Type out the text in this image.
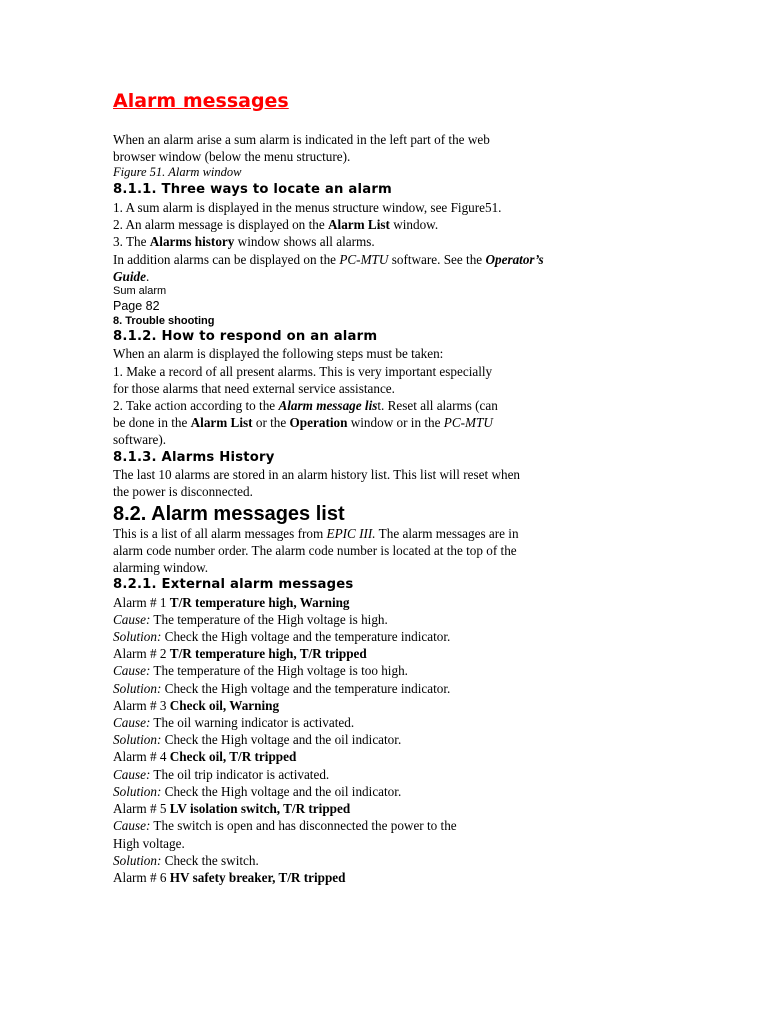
Alarm messages
When an alarm arise a sum alarm is indicated in the left part of the web
browser window (below the menu structure).
Figure 51. Alarm window
8.1.1. Three ways to locate an alarm
1. A sum alarm is displayed in the menus structure window, see Figure51.
2. An alarm message is displayed on the Alarm List window.
3. The Alarms history window shows all alarms.
In addition alarms can be displayed on the PC-MTU software. See the Operator’s
Guide.
Sum alarm
Page 82
8. Trouble shooting
8.1.2. How to respond on an alarm
When an alarm is displayed the following steps must be taken:
1. Make a record of all present alarms. This is very important especially
for those alarms that need external service assistance.
2. Take action according to the Alarm message list. Reset all alarms (can
be done in the Alarm List or the Operation window or in the PC-MTU
software).
8.1.3. Alarms History
The last 10 alarms are stored in an alarm history list. This list will reset when
the power is disconnected.
8.2. Alarm messages list
This is a list of all alarm messages from EPIC III. The alarm messages are in
alarm code number order. The alarm code number is located at the top of the
alarming window.
8.2.1. External alarm messages
Alarm # 1 T/R temperature high, Warning
Cause: The temperature of the High voltage is high.
Solution: Check the High voltage and the temperature indicator.
Alarm # 2 T/R temperature high, T/R tripped
Cause: The temperature of the High voltage is too high.
Solution: Check the High voltage and the temperature indicator.
Alarm # 3 Check oil, Warning
Cause: The oil warning indicator is activated.
Solution: Check the High voltage and the oil indicator.
Alarm # 4 Check oil, T/R tripped
Cause: The oil trip indicator is activated.
Solution: Check the High voltage and the oil indicator.
Alarm # 5 LV isolation switch, T/R tripped
Cause: The switch is open and has disconnected the power to the
High voltage.
Solution: Check the switch.
Alarm # 6 HV safety breaker, T/R tripped
